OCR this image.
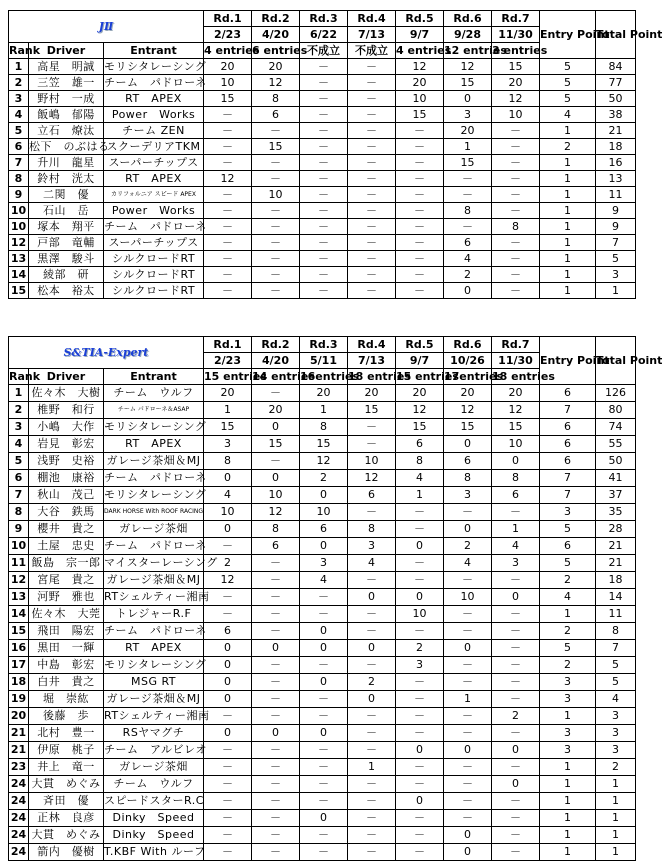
JⅡ			Rd.1	Rd.2	Rd.3	Rd.4	Rd.5	Rd.6	Rd.7	Entry Point	Total Point
			2/23	4/20	6/22	7/13	9/7	9/28	11/30		
Rank	Driver	Entrant	4 entries	6 entries	不成立	不成立	4 entries	12 entries	3 entries		
1	高星　明誠	モリシタレーシング	20	20	－	－	12	12	15	5	84
2	三笠　雄一	チーム　パドローネ	10	12	－	－	20	15	20	5	77
3	野村　一成	RT　APEX	15	8	－	－	10	0	12	5	50
4	飯嶋　郁陽	Power　Works	－	6	－	－	15	3	10	4	38
5	立石　燎汰	チーム ZEN	－	－	－	－	－	20	－	1	21
6	松下　のぶはる	スクーデリアTKM	－	15	－	－	－	1	－	2	18
7	升川　龍星	スーパーチップス	－	－	－	－	－	15	－	1	16
8	鈴村　洸太	RT　APEX	12	－	－	－	－	－	－	1	13
9	二関　優	カリフォルニア スピード APEX	－	10	－	－	－	－	－	1	11
10	石山　岳	Power　Works	－	－	－	－	－	8	－	1	9
10	塚本　翔平	チーム　パドローネ	－	－	－	－	－	－	8	1	9
12	戸部　竜輔	スーパーチップス	－	－	－	－	－	6	－	1	7
13	黒澤　駿斗	シルクロードRT	－	－	－	－	－	4	－	1	5
14	綾部　研	シルクロードRT	－	－	－	－	－	2	－	1	3
15	松本　裕太	シルクロードRT	－	－	－	－	－	0	－	1	1
S&TIA-Expert			Rd.1	Rd.2	Rd.3	Rd.4	Rd.5	Rd.6	Rd.7	Entry Point	Total Point
			2/23	4/20	5/11	7/13	9/7	10/26	11/30		
Rank	Driver	Entrant	15 entries	14 entries	16entries	18 entries	15 entries	17entries	18 entries		
1	佐々木　大樹	チーム　ウルフ	20	－	20	20	20	20	20	6	126
2	椎野　和行	チーム パドローネ＆ASAP	1	20	1	15	12	12	12	7	80
3	小嶋　大作	モリシタレーシング	15	0	8	－	15	15	15	6	74
4	岩見　彰宏	RT　APEX	3	15	15	－	6	0	10	6	55
5	浅野　史裕	ガレージ茶畑＆MJ	8	－	12	10	8	6	0	6	50
6	棚池　康裕	チーム　パドローネ	0	0	2	12	4	8	8	7	41
7	秋山　茂己	モリシタレーシング	4	10	0	6	1	3	6	7	37
8	大谷　鉄馬	DARK HORSE With ROOF RACING	10	12	10	－	－	－	－	3	35
9	櫻井　貴之	ガレージ茶畑	0	8	6	8	－	0	1	5	28
10	土屋　忠史	チーム　パドローネ	－	6	0	3	0	2	4	6	21
11	飯島　宗一郎	マイスターレーシング	2	－	3	4	－	4	3	5	21
12	宮尾　貴之	ガレージ茶畑＆MJ	12	－	4	－	－	－	－	2	18
13	河野　雅也	RTシェルティー湘南	－	－	－	0	0	10	0	4	14
14	佐々木　大莞	トレジャーR.F	－	－	－	－	10	－	－	1	11
15	飛田　陽宏	チーム　パドローネ	6	－	0	－	－	－	－	2	8
16	黒田　一輝	RT　APEX	0	0	0	0	2	0	－	5	7
17	中島　彰宏	モリシタレーシング	0	－	－	－	3	－	－	2	5
18	白井　貴之	MSG RT	0	－	0	2	－	－	－	3	5
19	堀　崇紘	ガレージ茶畑＆MJ	0	－	－	0	－	1	－	3	4
20	後藤　歩	RTシェルティー湘南	－	－	－	－	－	－	2	1	3
21	北村　豊一	RSヤマグチ	0	0	0	－	－	－	－	3	3
21	伊原　桃子	チーム　アルビレオ	－	－	－	－	0	0	0	3	3
23	井上　竜一	ガレージ茶畑	－	－	－	1	－	－	－	1	2
24	大貫　めぐみ	チーム　ウルフ	－	－	－	－	－	－	0	1	1
24	斉田　優	スピードスターR.C	－	－	－	－	0	－	－	1	1
24	正林　良彦	Dinky　Speed	－	－	0	－	－	－	－	1	1
24	大貫　めぐみ	Dinky　Speed	－	－	－	－	－	0	－	1	1
24	箭内　優樹	T.KBF With ルーフ	－	－	－	－	－	0	－	1	1
